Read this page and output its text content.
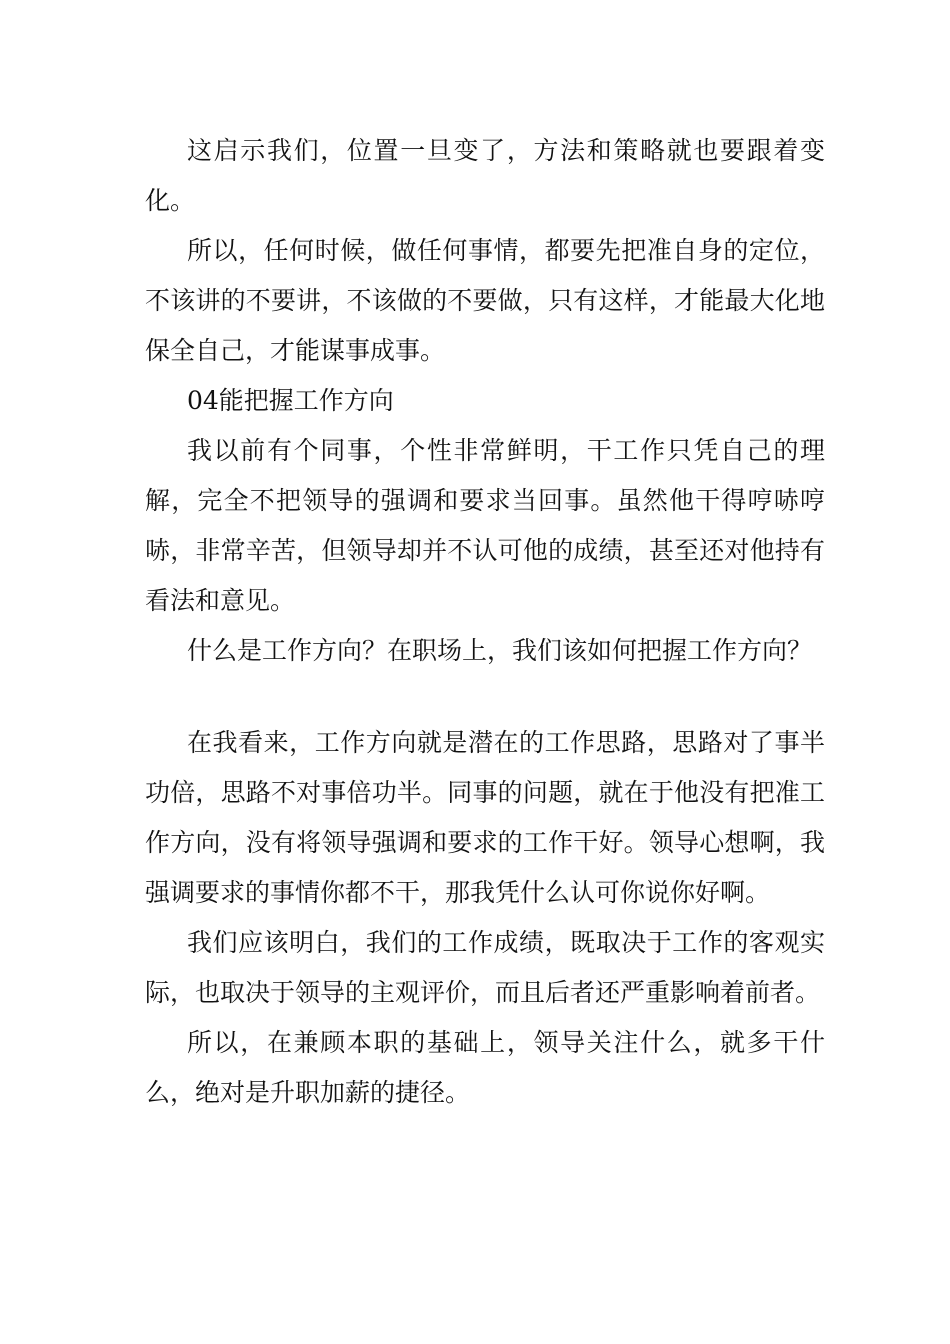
这启示我们，位置一旦变了，方法和策略就也要跟着变化。

所以，任何时候，做任何事情，都要先把准自身的定位，不该讲的不要讲，不该做的不要做，只有这样，才能最大化地保全自己，才能谋事成事。

04能把握工作方向

我以前有个同事，个性非常鲜明，干工作只凭自己的理解，完全不把领导的强调和要求当回事。虽然他干得哼哧哼哧，非常辛苦，但领导却并不认可他的成绩，甚至还对他持有看法和意见。

什么是工作方向？在职场上，我们该如何把握工作方向？

在我看来，工作方向就是潜在的工作思路，思路对了事半功倍，思路不对事倍功半。同事的问题，就在于他没有把准工作方向，没有将领导强调和要求的工作干好。领导心想啊，我强调要求的事情你都不干，那我凭什么认可你说你好啊。

我们应该明白，我们的工作成绩，既取决于工作的客观实际，也取决于领导的主观评价，而且后者还严重影响着前者。

所以，在兼顾本职的基础上，领导关注什么，就多干什么，绝对是升职加薪的捷径。
